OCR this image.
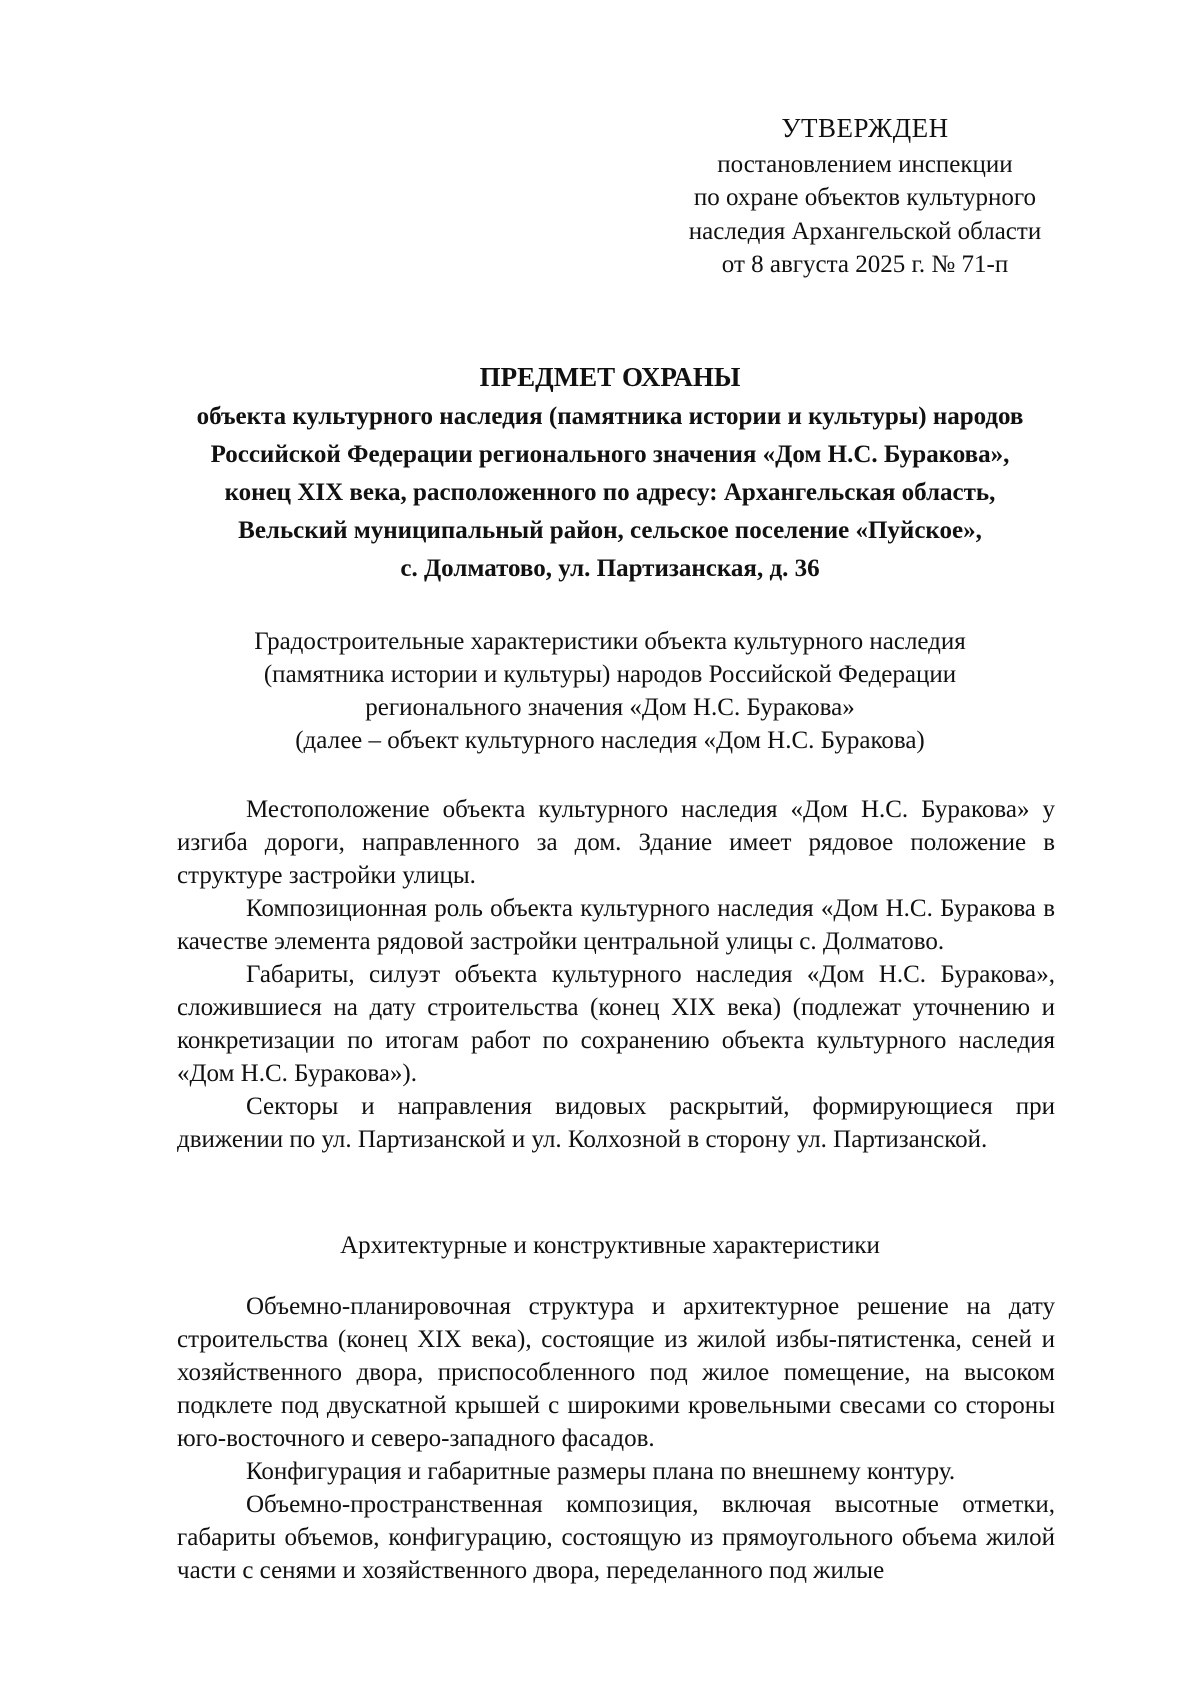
УТВЕРЖДЕН
постановлением инспекции
по охране объектов культурного
наследия Архангельской области
от 8 августа 2025 г. № 71-п
ПРЕДМЕТ ОХРАНЫ
объекта культурного наследия (памятника истории и культуры) народов
Российской Федерации регионального значения «Дом Н.С. Буракова»,
конец XIX века, расположенного по адресу: Архангельская область,
Вельский муниципальный район, сельское поселение «Пуйское»,
с. Долматово, ул. Партизанская, д. 36
Градостроительные характеристики объекта культурного наследия
(памятника истории и культуры) народов Российской Федерации
регионального значения «Дом Н.С. Буракова»
(далее – объект культурного наследия «Дом Н.С. Буракова)

Местоположение объекта культурного наследия «Дом Н.С. Буракова» у изгиба дороги, направленного за дом. Здание имеет рядовое положение в структуре застройки улицы.

Композиционная роль объекта культурного наследия «Дом Н.С. Буракова в качестве элемента рядовой застройки центральной улицы с. Долматово.

Габариты, силуэт объекта культурного наследия «Дом Н.С. Буракова», сложившиеся на дату строительства (конец XIX века) (подлежат уточнению и конкретизации по итогам работ по сохранению объекта культурного наследия «Дом Н.С. Буракова»).

Секторы и направления видовых раскрытий, формирующиеся при движении по ул. Партизанской и ул. Колхозной в сторону ул. Партизанской.

Архитектурные и конструктивные характеристики

Объемно-планировочная структура и архитектурное решение на дату строительства (конец XIX века), состоящие из жилой избы-пятистенка, сеней и хозяйственного двора, приспособленного под жилое помещение, на высоком подклете под двускатной крышей с широкими кровельными свесами со стороны юго-восточного и северо-западного фасадов.

Конфигурация и габаритные размеры плана по внешнему контуру.

Объемно-пространственная композиция, включая высотные отметки, габариты объемов, конфигурацию, состоящую из прямоугольного объема жилой части с сенями и хозяйственного двора, переделанного под жилые
